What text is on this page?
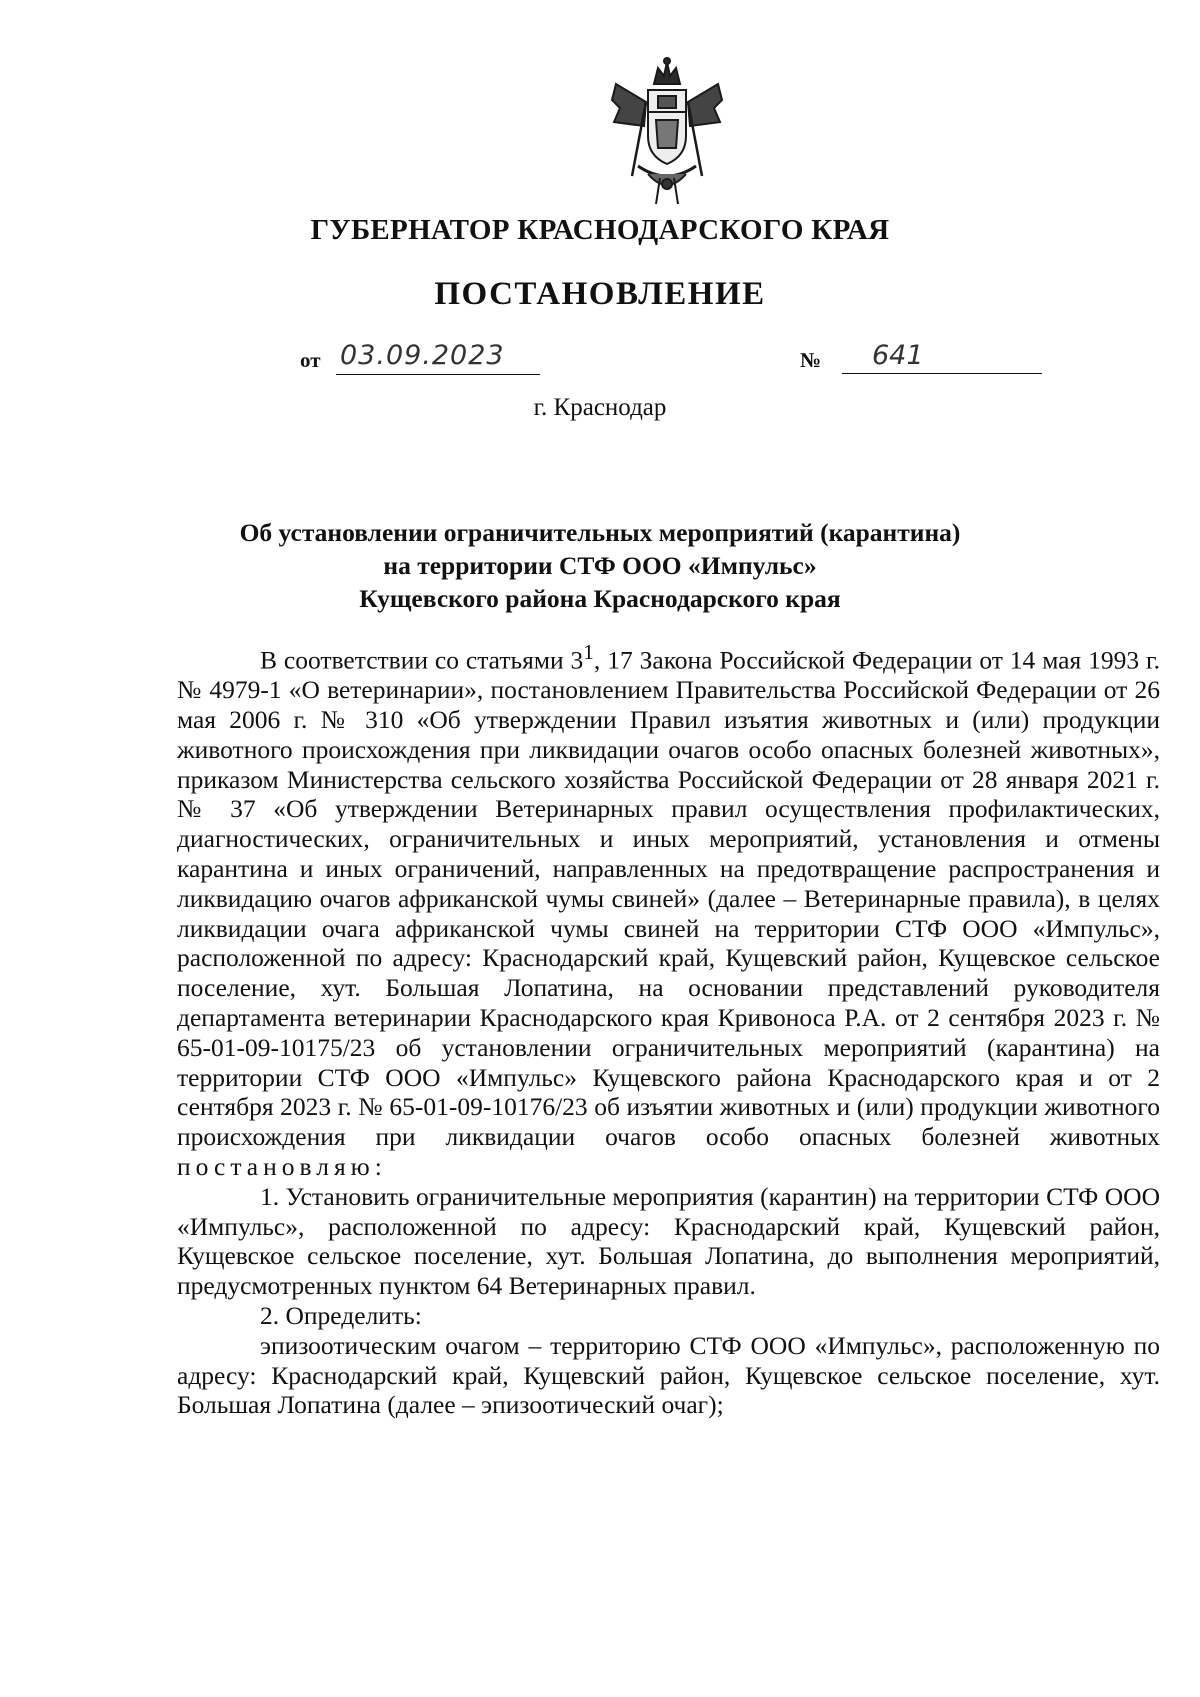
ГУБЕРНАТОР КРАСНОДАРСКОГО КРАЯ
ПОСТАНОВЛЕНИЕ
от 03.09.2023	№	641
г. Краснодар
Об установлении ограничительных мероприятий (карантина)
на территории СТФ ООО «Импульс»
Кущевского района Краснодарского края

В соответствии со статьями $3^1$, 17 Закона Российской Федерации от 14 мая 1993 г. № 4979-1 «О ветеринарии», постановлением Правительства Российской Федерации от 26 мая 2006 г. № 310 «Об утверждении Правил изъятия животных и (или) продукции животного происхождения при ликвидации очагов особо опасных болезней животных», приказом Министерства сельского хозяйства Российской Федерации от 28 января 2021 г. № 37 «Об утверждении Ветеринарных правил осуществления профилактических, диагностических, ограничительных и иных мероприятий, установления и отмены карантина и иных ограничений, направленных на предотвращение распространения и ликвидацию очагов африканской чумы свиней» (далее – Ветеринарные правила), в целях ликвидации очага африканской чумы свиней на территории СТФ ООО «Импульс», расположенной по адресу: Краснодарский край, Кущевский район, Кущевское сельское поселение, хут. Большая Лопатина, на основании представлений руководителя департамента ветеринарии Краснодарского края Кривоноса Р.А. от 2 сентября 2023 г. № 65-01-09-10175/23 об установлении ограничительных мероприятий (карантина) на территории СТФ ООО «Импульс» Кущевского района Краснодарского края и от 2 сентября 2023 г. № 65-01-09-10176/23 об изъятии животных и (или) продукции животного происхождения при ликвидации очагов особо опасных болезней животных постановляю:

1. Установить ограничительные мероприятия (карантин) на территории СТФ ООО «Импульс», расположенной по адресу: Краснодарский край, Кущевский район, Кущевское сельское поселение, хут. Большая Лопатина, до выполнения мероприятий, предусмотренных пунктом 64 Ветеринарных правил.

2. Определить:

эпизоотическим очагом – территорию СТФ ООО «Импульс», расположенную по адресу: Краснодарский край, Кущевский район, Кущевское сельское поселение, хут. Большая Лопатина (далее – эпизоотический очаг);
